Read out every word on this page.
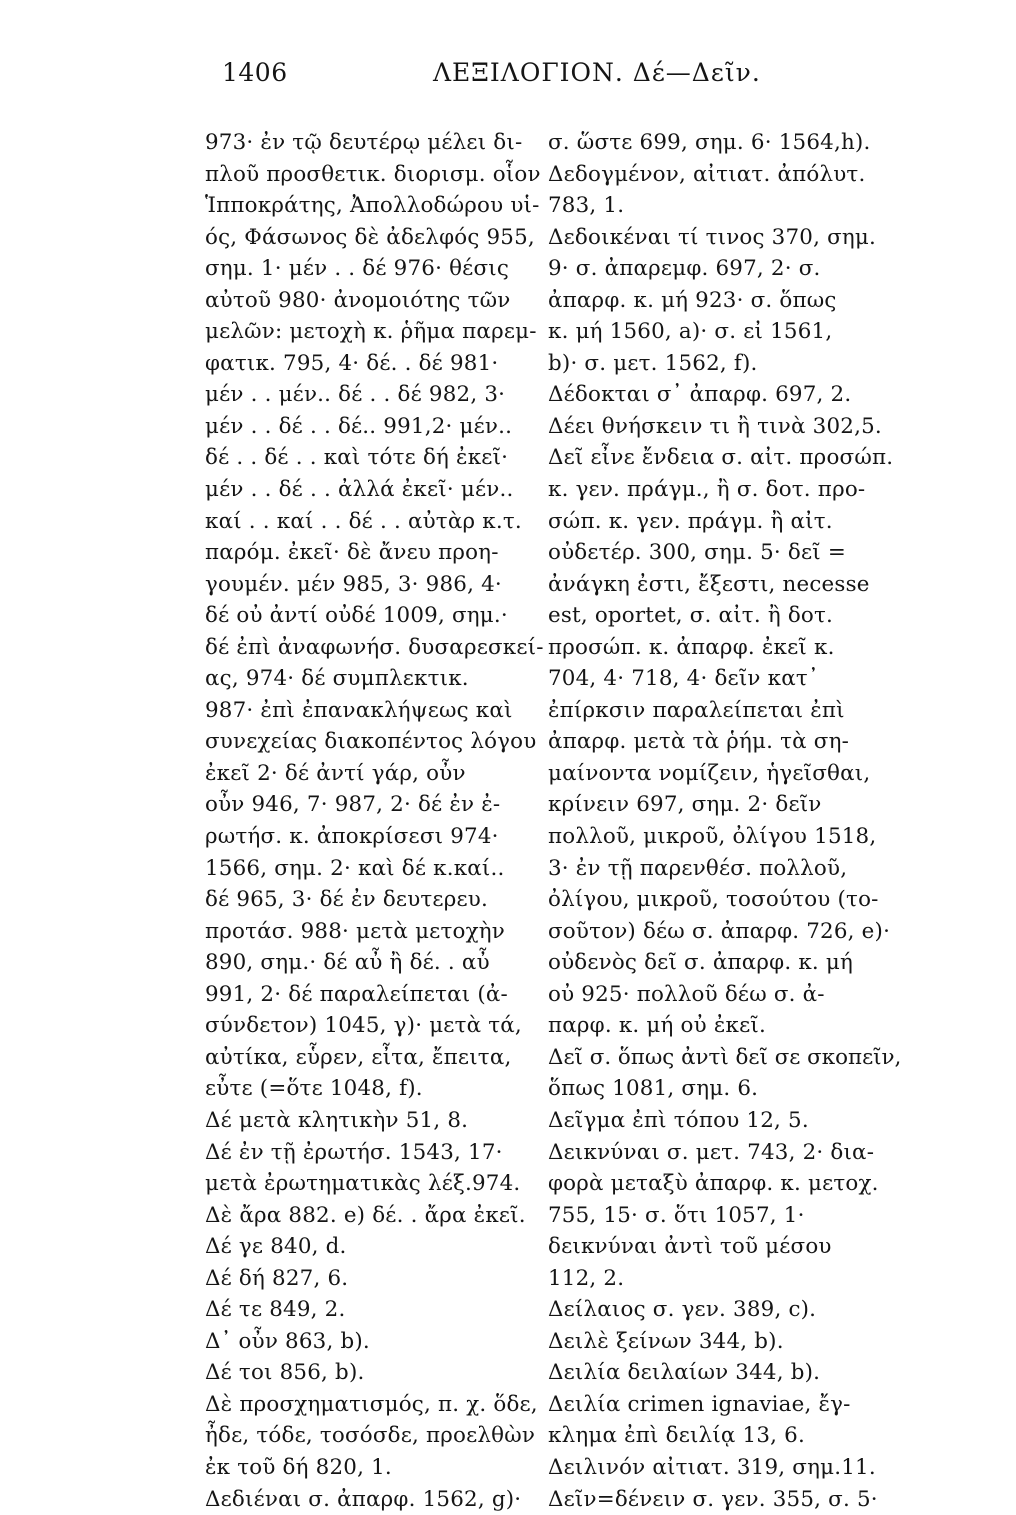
1406	ΛΕΞΙΛΟΓΙΟΝ. Δέ—Δεῖν.
973· ἐν τῷ δευτέρῳ μέλει δι-
πλοῦ προσθετικ. διορισμ. οἷον
Ἱπποκράτης, Ἀπολλοδώρου υἱ-
ός, Φάσωνος δὲ ἀδελφός 955,
σημ. 1· μέν . . δέ 976· θέσις
αὐτοῦ 980· ἀνομοιότης τῶν
μελῶν: μετοχὴ κ. ῥῆμα παρεμ-
φατικ. 795, 4· δέ. . δέ 981·
μέν . . μέν.. δέ . . δέ 982, 3·
μέν . . δέ . . δέ.. 991,2· μέν..
δέ . . δέ . . καὶ τότε δή ἐκεῖ·
μέν . . δέ . . ἀλλά ἐκεῖ· μέν..
καί . . καί . . δέ . . αὐτὰρ κ.τ.
παρόμ. ἐκεῖ· δὲ ἄνευ προη-
γουμέν. μέν 985, 3· 986, 4·
δέ οὐ ἀντί οὐδέ 1009, σημ.·
δέ ἐπὶ ἀναφωνήσ. δυσαρεσκεί-
ας, 974· δέ συμπλεκτικ.
987· ἐπὶ ἐπανακλήψεως καὶ
συνεχείας διακοπέντος λόγου
ἐκεῖ 2· δέ ἀντί γάρ, οὖν
οὖν 946, 7· 987, 2· δέ ἐν ἐ-
ρωτήσ. κ. ἀποκρίσεσι 974·
1566, σημ. 2· καὶ δέ κ.καί..
δέ 965, 3· δέ ἐν δευτερευ.
προτάσ. 988· μετὰ μετοχὴν
890, σημ.· δέ αὖ ἢ δέ. . αὖ
991, 2· δέ παραλείπεται (ἀ-
σύνδετον) 1045, γ)· μετὰ τά,
αὐτίκα, εὗρεν, εἶτα, ἔπειτα,
εὖτε (=ὅτε 1048, f).
Δέ μετὰ κλητικὴν 51, 8.
Δέ ἐν τῇ ἐρωτήσ. 1543, 17·
μετὰ ἐρωτηματικὰς λέξ.974.
Δὲ ἄρα 882. e) δέ. . ἄρα ἐκεῖ.
Δέ γε 840, d.
Δέ δή 827, 6.
Δέ τε 849, 2.
Δ᾽ οὖν 863, b).
Δέ τοι 856, b).
Δὲ προσχηματισμός, π. χ. ὅδε,
ἦδε, τόδε, τοσόσδε, προελθὼν
ἐκ τοῦ δή 820, 1.
Δεδιέναι σ. ἀπαρφ. 1562, g)·
σ. ὥστε 699, σημ. 6· 1564,h).
Δεδογμένον, αἰτιατ. ἀπόλυτ.
783, 1.
Δεδοικέναι τί τινος 370, σημ.
9· σ. ἀπαρεμφ. 697, 2· σ.
ἀπαρφ. κ. μή 923· σ. ὅπως
κ. μή 1560, a)· σ. εἰ 1561,
b)· σ. μετ. 1562, f).
Δέδοκται σ᾽ ἀπαρφ. 697, 2.
Δέει θνήσκειν τι ἢ τινὰ 302,5.
Δεῖ εἶνε ἔνδεια σ. αἰτ. προσώπ.
κ. γεν. πράγμ., ἢ σ. δοτ. προ-
σώπ. κ. γεν. πράγμ. ἢ αἰτ.
οὐδετέρ. 300, σημ. 5· δεῖ =
ἀνάγκη ἐστι, ἔξεστι, necesse
est, oportet, σ. αἰτ. ἢ δοτ.
προσώπ. κ. ἀπαρφ. ἐκεῖ κ.
704, 4· 718, 4· δεῖν κατ᾽
ἐπίρκσιν παραλείπεται ἐπὶ
ἀπαρφ. μετὰ τὰ ῥήμ. τὰ ση-
μαίνοντα νομίζειν, ἡγεῖσθαι,
κρίνειν 697, σημ. 2· δεῖν
πολλοῦ, μικροῦ, ὀλίγου 1518,
3· ἐν τῇ παρενθέσ. πολλοῦ,
ὀλίγου, μικροῦ, τοσούτου (το-
σοῦτον) δέω σ. ἀπαρφ. 726, e)·
οὐδενὸς δεῖ σ. ἀπαρφ. κ. μή
οὐ 925· πολλοῦ δέω σ. ἀ-
παρφ. κ. μή οὐ ἐκεῖ.
Δεῖ σ. ὅπως ἀντὶ δεῖ σε σκοπεῖν,
ὅπως 1081, σημ. 6.
Δεῖγμα ἐπὶ τόπου 12, 5.
Δεικνύναι σ. μετ. 743, 2· δια-
φορὰ μεταξὺ ἀπαρφ. κ. μετοχ.
755, 15· σ. ὅτι 1057, 1·
δεικνύναι ἀντὶ τοῦ μέσου
112, 2.
Δείλαιος σ. γεν. 389, c).
Δειλὲ ξείνων 344, b).
Δειλία δειλαίων 344, b).
Δειλία crimen ignaviae, ἔγ-
κλημα ἐπὶ δειλίᾳ 13, 6.
Δειλινόν αἰτιατ. 319, σημ.11.
Δεῖν=δένειν σ. γεν. 355, σ. 5·
